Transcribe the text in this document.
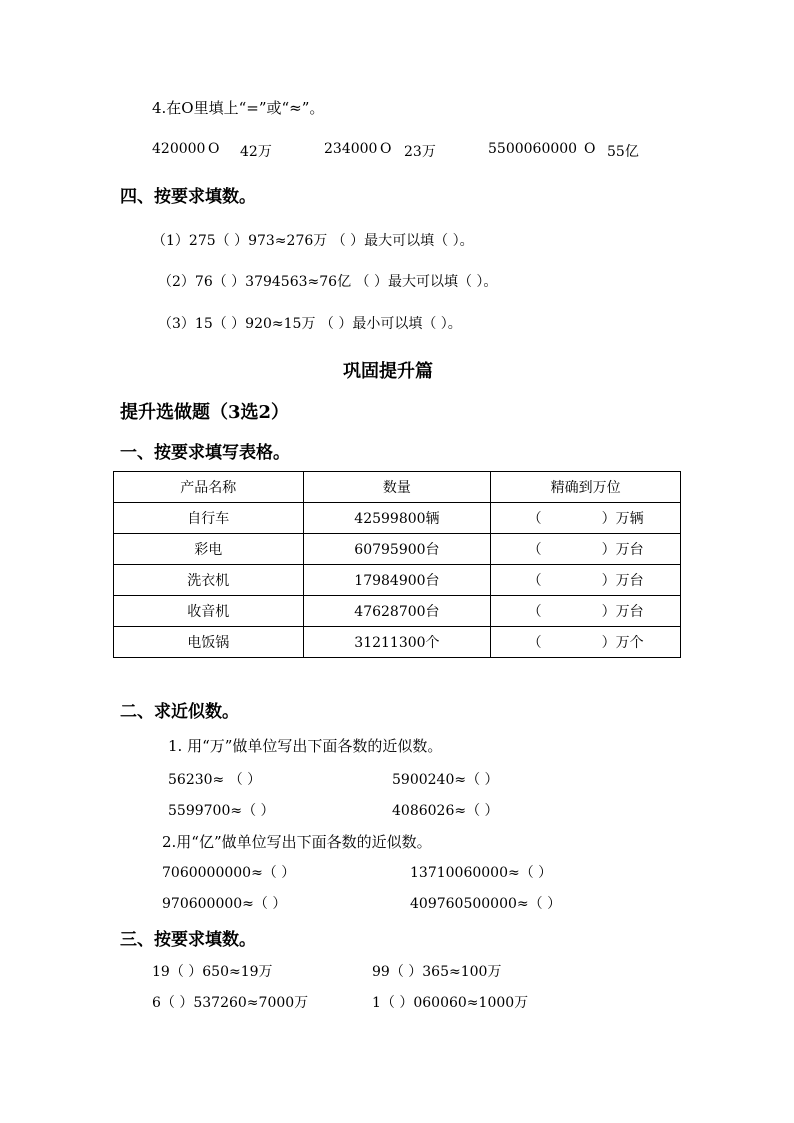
4.在O里填上“=”或“≈”。
420000 O 42万	234000 O 23万	5500060000 O 55亿
四、按要求填数。
（1）275（ ）973≈276万 （ ）最大可以填（ ）。
（2）76（ ）3794563≈76亿 （ ）最大可以填（ ）。
（3）15（ ）920≈15万 （ ）最小可以填（ ）。
巩固提升篇
提升选做题（3选2）
一、按要求填写表格。
产品名称	数量	精确到万位
自行车	42599800辆	（ ）万辆
彩电	60795900台	（ ）万台
洗衣机	17984900台	（ ）万台
收音机	47628700台	（ ）万台
电饭锅	31211300个	（ ）万个
二、求近似数。
1. 用“万”做单位写出下面各数的近似数。
56230≈ （ ）	5900240≈（ ）
5599700≈（ ）	4086026≈（ ）
2.用“亿”做单位写出下面各数的近似数。
7060000000≈（ ）	13710060000≈（ ）
970600000≈（ ）	409760500000≈（ ）
三、按要求填数。
19（ ）650≈19万	99（ ）365≈100万
6（ ）537260≈7000万	1（ ）060060≈1000万
